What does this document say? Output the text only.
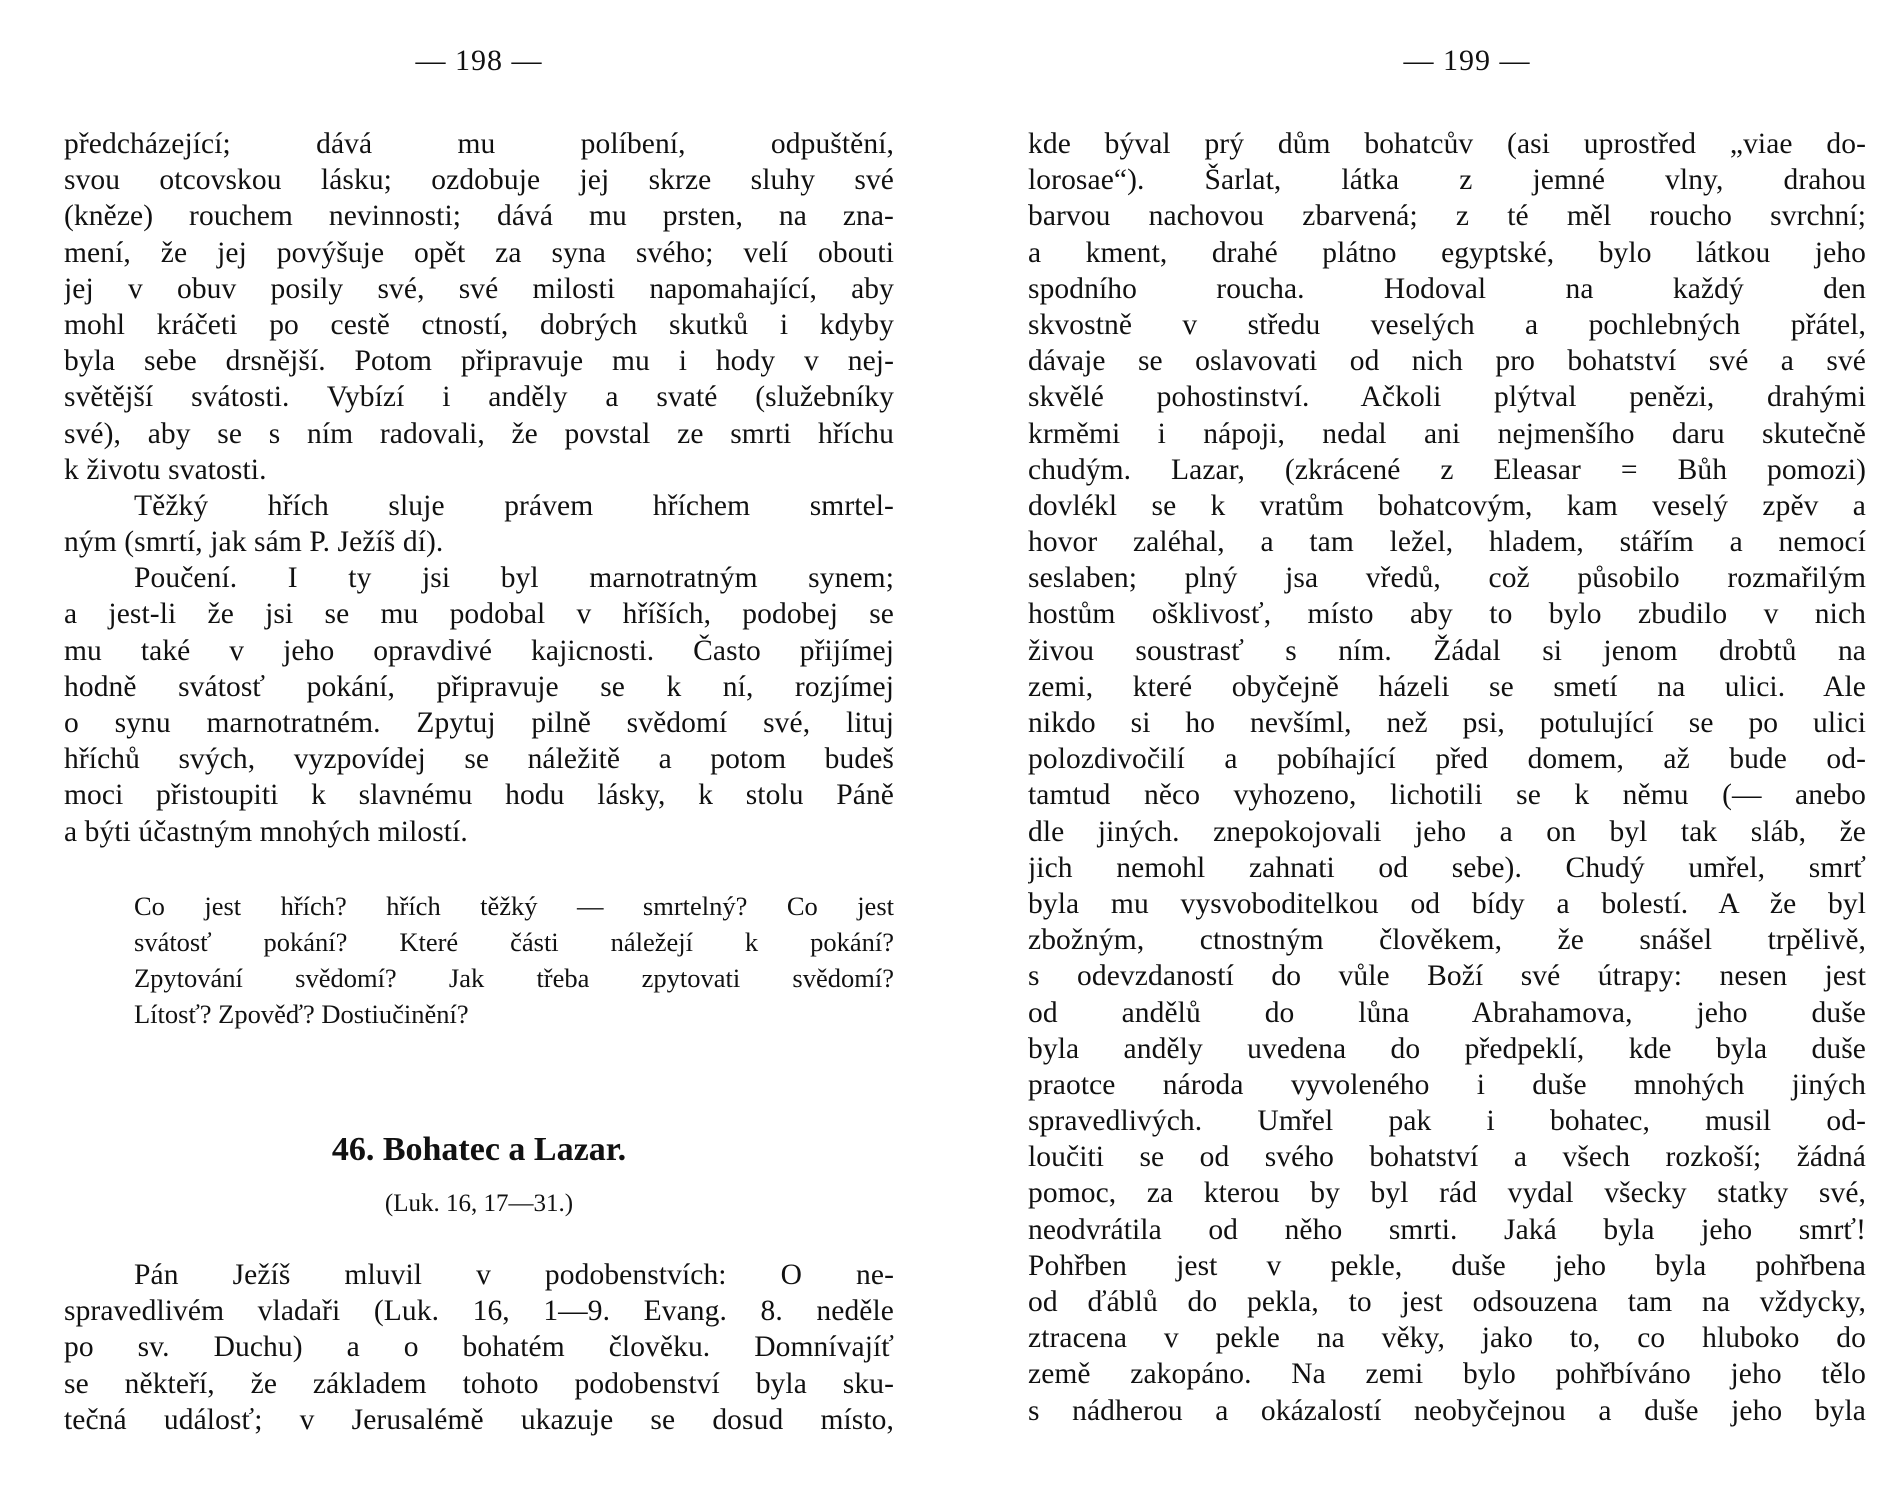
— 198 —
předcházející; dává mu políbení, odpuštění,
svou otcovskou lásku; ozdobuje jej skrze sluhy své
(kněze) rouchem nevinnosti; dává mu prsten, na zna-
mení, že jej povýšuje opět za syna svého; velí obouti
jej v obuv posily své, své milosti napomahající, aby
mohl kráčeti po cestě ctností, dobrých skutků i kdyby
byla sebe drsnější. Potom připravuje mu i hody v nej-
světější svátosti. Vybízí i anděly a svaté (služebníky
své), aby se s ním radovali, že povstal ze smrti hříchu
k životu svatosti.
Těžký hřích sluje právem hříchem smrtel-
ným (smrtí, jak sám P. Ježíš dí).
Poučení. I ty jsi byl marnotratným synem;
a jest-li že jsi se mu podobal v hříších, podobej se
mu také v jeho opravdivé kajicnosti. Často přijímej
hodně svátosť pokání, připravuje se k ní, rozjímej
o synu marnotratném. Zpytuj pilně svědomí své, lituj
hříchů svých, vyzpovídej se náležitě a potom budeš
moci přistoupiti k slavnému hodu lásky, k stolu Páně
a býti účastným mnohých milostí.
Co jest hřích? hřích těžký — smrtelný? Co jest
svátosť pokání? Které části náležejí k pokání?
Zpytování svědomí? Jak třeba zpytovati svědomí?
Lítosť? Zpověď? Dostiučinění?
46. Bohatec a Lazar.
(Luk. 16, 17—31.)
Pán Ježíš mluvil v podobenstvích: O ne-
spravedlivém vladaři (Luk. 16, 1—9. Evang. 8. neděle
po sv. Duchu) a o bohatém člověku. Domnívajíť
se někteří, že základem tohoto podobenství byla sku-
tečná událosť; v Jerusalémě ukazuje se dosud místo,
— 199 —
kde býval prý dům bohatcův (asi uprostřed „viae do-
lorosae“). Šarlat, látka z jemné vlny, drahou
barvou nachovou zbarvená; z té měl roucho svrchní;
a kment, drahé plátno egyptské, bylo látkou jeho
spodního roucha. Hodoval na každý den
skvostně v středu veselých a pochlebných přátel,
dávaje se oslavovati od nich pro bohatství své a své
skvělé pohostinství. Ačkoli plýtval penězi, drahými
krměmi i nápoji, nedal ani nejmenšího daru skutečně
chudým. Lazar, (zkrácené z Eleasar = Bůh pomozi)
dovlékl se k vratům bohatcovým, kam veselý zpěv a
hovor zaléhal, a tam ležel, hladem, stářím a nemocí
seslaben; plný jsa vředů, což působilo rozmařilým
hostům ošklivosť, místo aby to bylo zbudilo v nich
živou soustrasť s ním. Žádal si jenom drobtů na
zemi, které obyčejně házeli se smetí na ulici. Ale
nikdo si ho nevšíml, než psi, potulující se po ulici
polozdivočilí a pobíhající před domem, až bude od-
tamtud něco vyhozeno, lichotili se k němu (— anebo
dle jiných. znepokojovali jeho a on byl tak sláb, že
jich nemohl zahnati od sebe). Chudý umřel, smrť
byla mu vysvoboditelkou od bídy a bolestí. A že byl
zbožným, ctnostným člověkem, že snášel trpělivě,
s odevzdaností do vůle Boží své útrapy: nesen jest
od andělů do lůna Abrahamova, jeho duše
byla anděly uvedena do předpeklí, kde byla duše
praotce národa vyvoleného i duše mnohých jiných
spravedlivých. Umřel pak i bohatec, musil od-
loučiti se od svého bohatství a všech rozkoší; žádná
pomoc, za kterou by byl rád vydal všecky statky své,
neodvrátila od něho smrti. Jaká byla jeho smrť!
Pohřben jest v pekle, duše jeho byla pohřbena
od ďáblů do pekla, to jest odsouzena tam na vždycky,
ztracena v pekle na věky, jako to, co hluboko do
země zakopáno. Na zemi bylo pohřbíváno jeho tělo
s nádherou a okázalostí neobyčejnou a duše jeho byla
